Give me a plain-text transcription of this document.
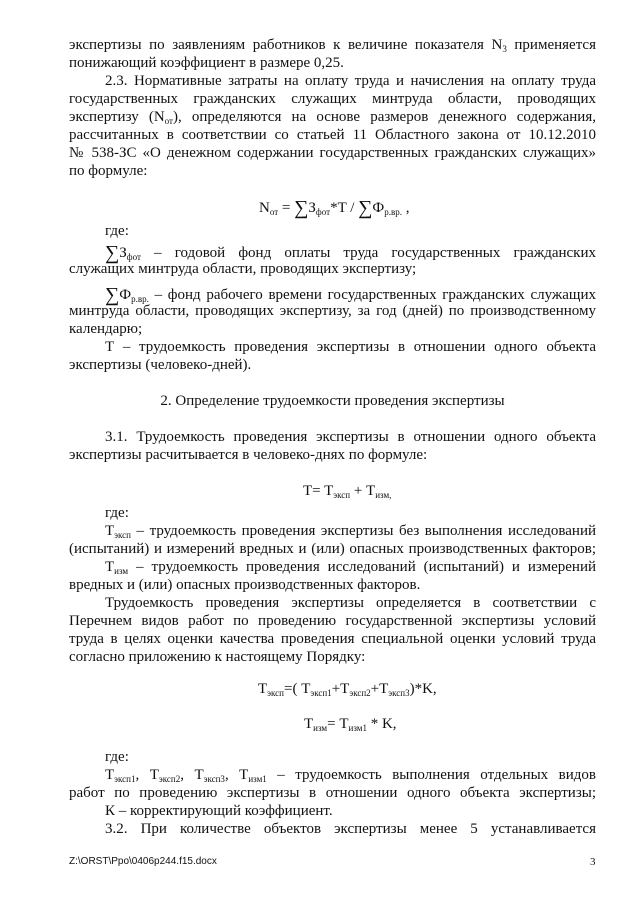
экспертизы по заявлениям работников к величине показателя $N_3$ применяется
понижающий коэффициент в размере 0,25.
2.3. Нормативные затраты на оплату труда и начисления на оплату труда
государственных гражданских служащих минтруда области, проводящих
экспертизу $(N_{от})$, определяются на основе размеров денежного содержания,
рассчитанных в соответствии со статьей 11 Областного закона от 10.12.2010
№ 538-ЗС «О денежном содержании государственных гражданских служащих»
по формуле:
$N_{от} = \sum З_{фот}*T / \sum Ф_{р.вр.}$ ,
где:
$\sum З_{фот}$ – годовой фонд оплаты труда государственных гражданских
служащих минтруда области, проводящих экспертизу;
$\sum Ф_{р.вр.}$ – фонд рабочего времени государственных гражданских служащих
минтруда области, проводящих экспертизу, за год (дней) по производственному
календарю;
Т – трудоемкость проведения экспертизы в отношении одного объекта
экспертизы (человеко-дней).
2. Определение трудоемкости проведения экспертизы
3.1. Трудоемкость проведения экспертизы в отношении одного объекта
экспертизы расчитывается в человеко-днях по формуле:
$T= T_{эксп} + T_{изм,}$
где:
$Т_{эксп}$ – трудоемкость проведения экспертизы без выполнения исследований
(испытаний) и измерений вредных и (или) опасных производственных факторов;
$Т_{изм}$ – трудоемкость проведения исследований (испытаний) и измерений
вредных и (или) опасных производственных факторов.
Трудоемкость проведения экспертизы определяется в соответствии с
Перечнем видов работ по проведению государственной экспертизы условий
труда в целях оценки качества проведения специальной оценки условий труда
согласно приложению к настоящему Порядку:
$T_{эксп}=$( $T_{эксп1}+T_{эксп2}+T_{эксп3})*K$,
$T_{изм}= T_{изм1} * K$,
где:
$Т_{эксп1}$, $Т_{эксп2}$, $Т_{эксп3}$, $Т_{изм1}$ – трудоемкость выполнения отдельных видов
работ по проведению экспертизы в отношении одного объекта экспертизы;
К – корректирующий коэффициент.
3.2. При количестве объектов экспертизы менее 5 устанавливается
Z:\ORST\Ppo\0406p244.f15.docx	3
